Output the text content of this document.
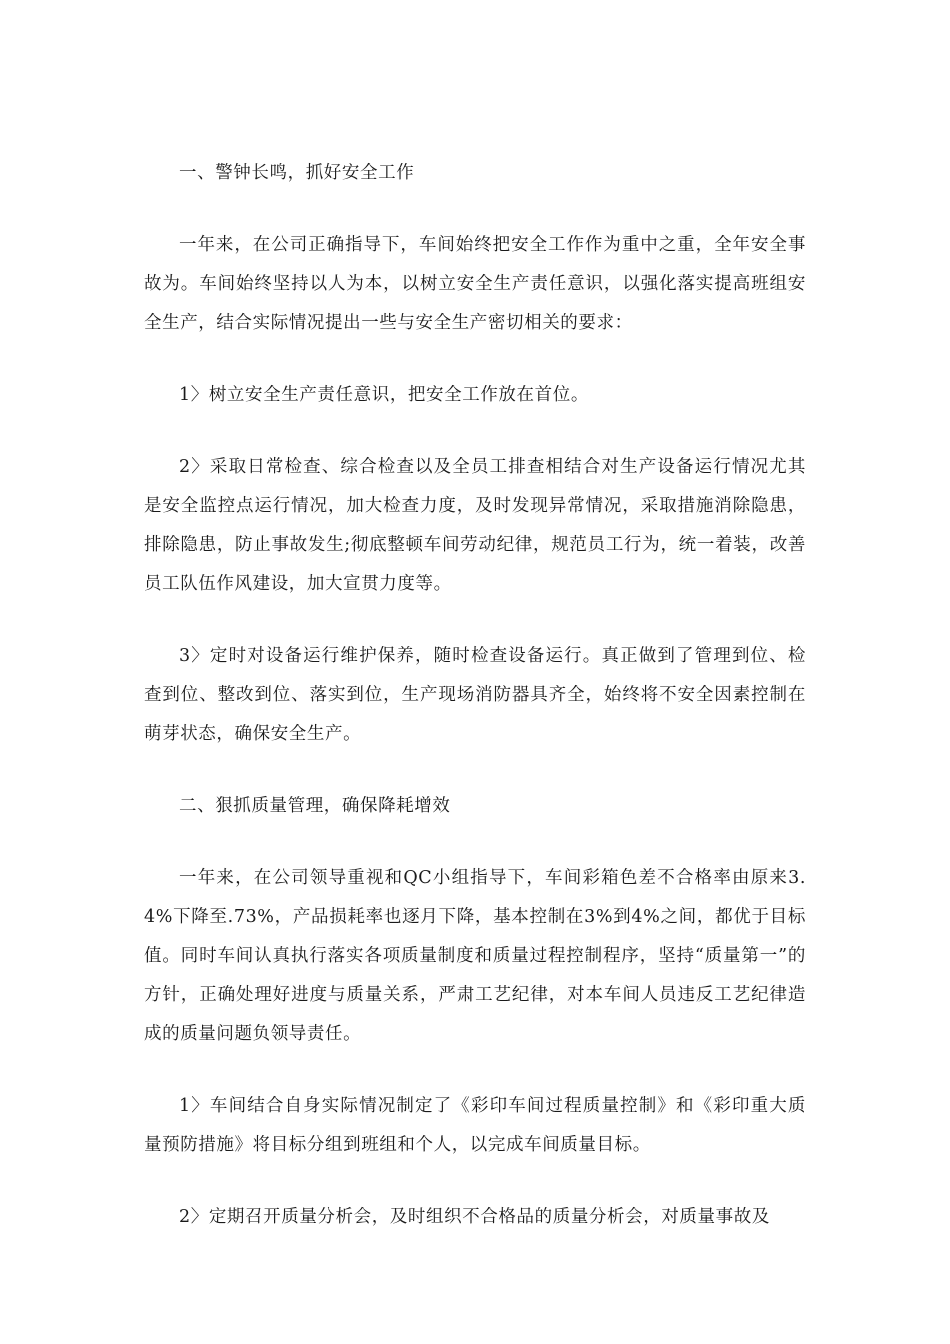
一、警钟长鸣，抓好安全工作

一年来，在公司正确指导下，车间始终把安全工作作为重中之重，全年安全事故为。车间始终坚持以人为本，以树立安全生产责任意识，以强化落实提高班组安全生产，结合实际情况提出一些与安全生产密切相关的要求：

1〉树立安全生产责任意识，把安全工作放在首位。

2〉采取日常检查、综合检查以及全员工排查相结合对生产设备运行情况尤其是安全监控点运行情况，加大检查力度，及时发现异常情况，采取措施消除隐患，排除隐患，防止事故发生;彻底整顿车间劳动纪律，规范员工行为，统一着装，改善员工队伍作风建设，加大宣贯力度等。

3〉定时对设备运行维护保养，随时检查设备运行。真正做到了管理到位、检查到位、整改到位、落实到位，生产现场消防器具齐全，始终将不安全因素控制在萌芽状态，确保安全生产。

二、狠抓质量管理，确保降耗增效

一年来，在公司领导重视和QC小组指导下，车间彩箱色差不合格率由原来3.4%下降至.73%，产品损耗率也逐月下降，基本控制在3%到4%之间，都优于目标值。同时车间认真执行落实各项质量制度和质量过程控制程序，坚持“质量第一”的方针，正确处理好进度与质量关系，严肃工艺纪律，对本车间人员违反工艺纪律造成的质量问题负领导责任。

1〉车间结合自身实际情况制定了《彩印车间过程质量控制》和《彩印重大质量预防措施》将目标分组到班组和个人，以完成车间质量目标。

2〉定期召开质量分析会，及时组织不合格品的质量分析会，对质量事故及
